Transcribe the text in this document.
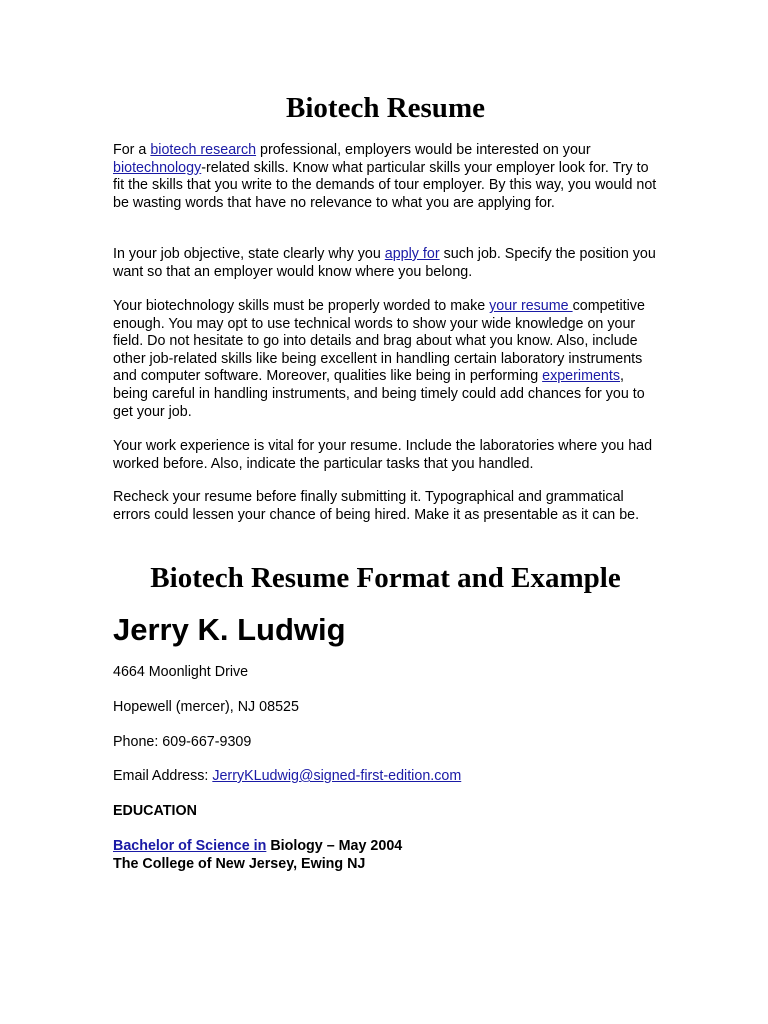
Biotech Resume

For a biotech research professional, employers would be interested on your biotechnology-related skills. Know what particular skills your employer look for. Try to fit the skills that you write to the demands of tour employer. By this way, you would not be wasting words that have no relevance to what you are applying for.

In your job objective, state clearly why you apply for such job. Specify the position you want so that an employer would know where you belong.

Your biotechnology skills must be properly worded to make your resume competitive enough. You may opt to use technical words to show your wide knowledge on your field. Do not hesitate to go into details and brag about what you know. Also, include other job-related skills like being excellent in handling certain laboratory instruments and computer software. Moreover, qualities like being in performing experiments, being careful in handling instruments, and being timely could add chances for you to get your job.

Your work experience is vital for your resume. Include the laboratories where you had worked before. Also, indicate the particular tasks that you handled.

Recheck your resume before finally submitting it. Typographical and grammatical errors could lessen your chance of being hired. Make it as presentable as it can be.

Biotech Resume Format and Example
Jerry K. Ludwig

4664 Moonlight Drive

Hopewell (mercer), NJ 08525

Phone: 609-667-9309

Email Address: JerryKLudwig@signed-first-edition.com

EDUCATION

Bachelor of Science in Biology – May 2004

The College of New Jersey, Ewing NJ
